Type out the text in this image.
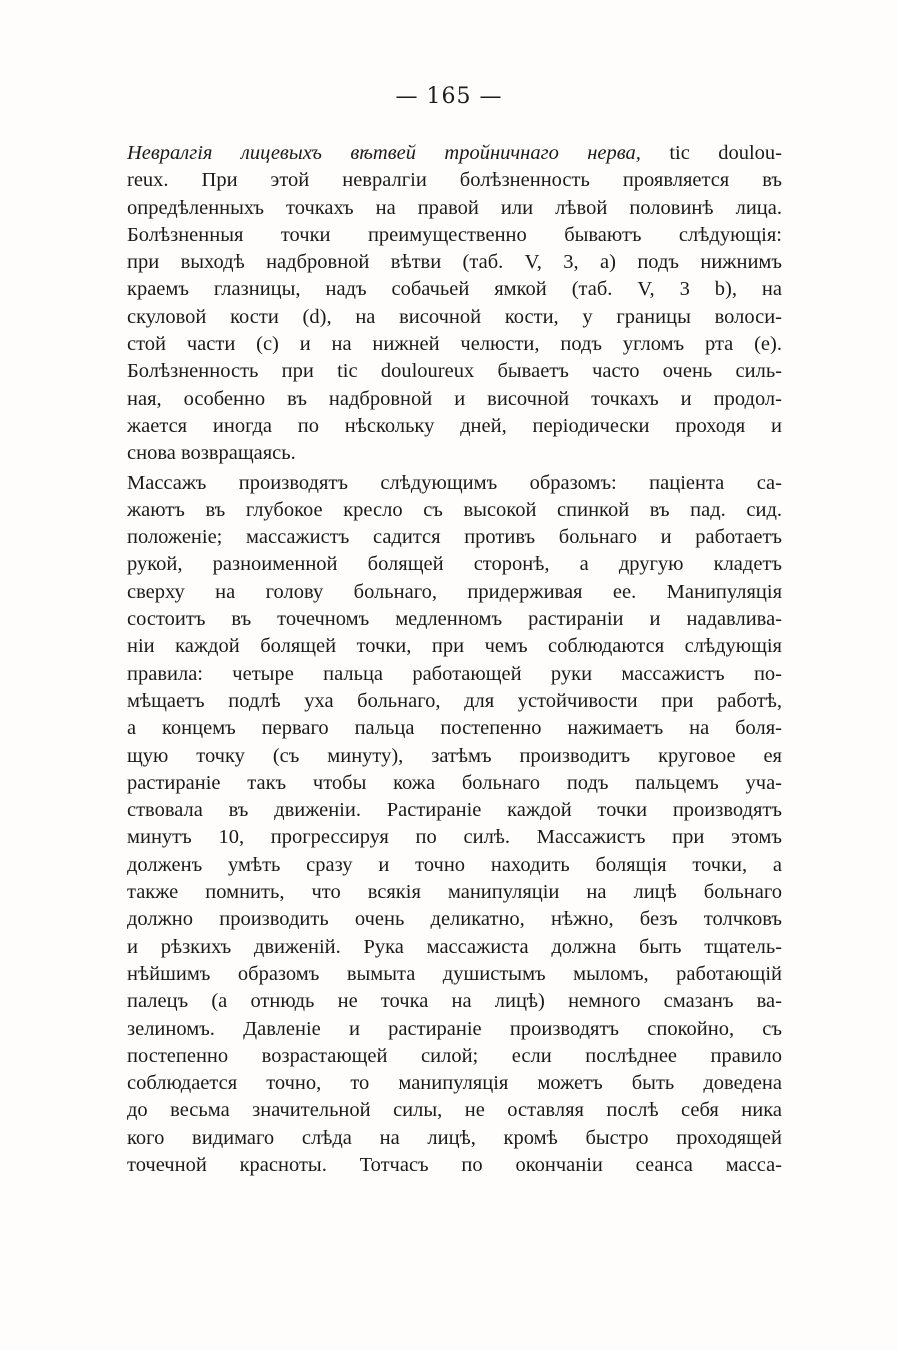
— 165 —
Невралгія лицевыхъ вѣтвей тройничнаго нерва, tic doulou-
reux. При этой невралгіи болѣзненность проявляется въ
опредѣленныхъ точкахъ на правой или лѣвой половинѣ лица.
Болѣзненныя точки преимущественно бываютъ слѣдующія:
при выходѣ надбровной вѣтви (таб. V, 3, а) подъ нижнимъ
краемъ глазницы, надъ собачьей ямкой (таб. V, 3 b), на
скуловой кости (d), на височной кости, у границы волоси-
стой части (с) и на нижней челюсти, подъ угломъ рта (е).
Болѣзненность при tic douloureux бываетъ часто очень силь-
ная, особенно въ надбровной и височной точкахъ и продол-
жается иногда по нѣскольку дней, періодически проходя и
снова возвращаясь.
Массажъ производятъ слѣдующимъ образомъ: паціента са-
жаютъ въ глубокое кресло съ высокой спинкой въ пад. сид.
положеніе; массажистъ садится противъ больнаго и работаетъ
рукой, разноименной болящей сторонѣ, а другую кладетъ
сверху на голову больнаго, придерживая ее. Манипуляція
состоитъ въ точечномъ медленномъ растираніи и надавлива-
ніи каждой болящей точки, при чемъ соблюдаются слѣдующія
правила: четыре пальца работающей руки массажистъ по-
мѣщаетъ подлѣ уха больнаго, для устойчивости при работѣ,
а концемъ перваго пальца постепенно нажимаетъ на боля-
щую точку (съ минуту), затѣмъ производитъ круговое ея
растираніе такъ чтобы кожа больнаго подъ пальцемъ уча-
ствовала въ движеніи. Растираніе каждой точки производятъ
минутъ 10, прогрессируя по силѣ. Массажистъ при этомъ
долженъ умѣть сразу и точно находить болящія точки, а
также помнить, что всякія манипуляціи на лицѣ больнаго
должно производить очень деликатно, нѣжно, безъ толчковъ
и рѣзкихъ движеній. Рука массажиста должна быть тщатель-
нѣйшимъ образомъ вымыта душистымъ мыломъ, работающій
палецъ (а отнюдь не точка на лицѣ) немного смазанъ ва-
зелиномъ. Давленіе и растираніе производятъ спокойно, съ
постепенно возрастающей силой; если послѣднее правило
соблюдается точно, то манипуляція можетъ быть доведена
до весьма значительной силы, не оставляя послѣ себя ника
кого видимаго слѣда на лицѣ, кромѣ быстро проходящей
точечной красноты. Тотчасъ по окончаніи сеанса масса-
